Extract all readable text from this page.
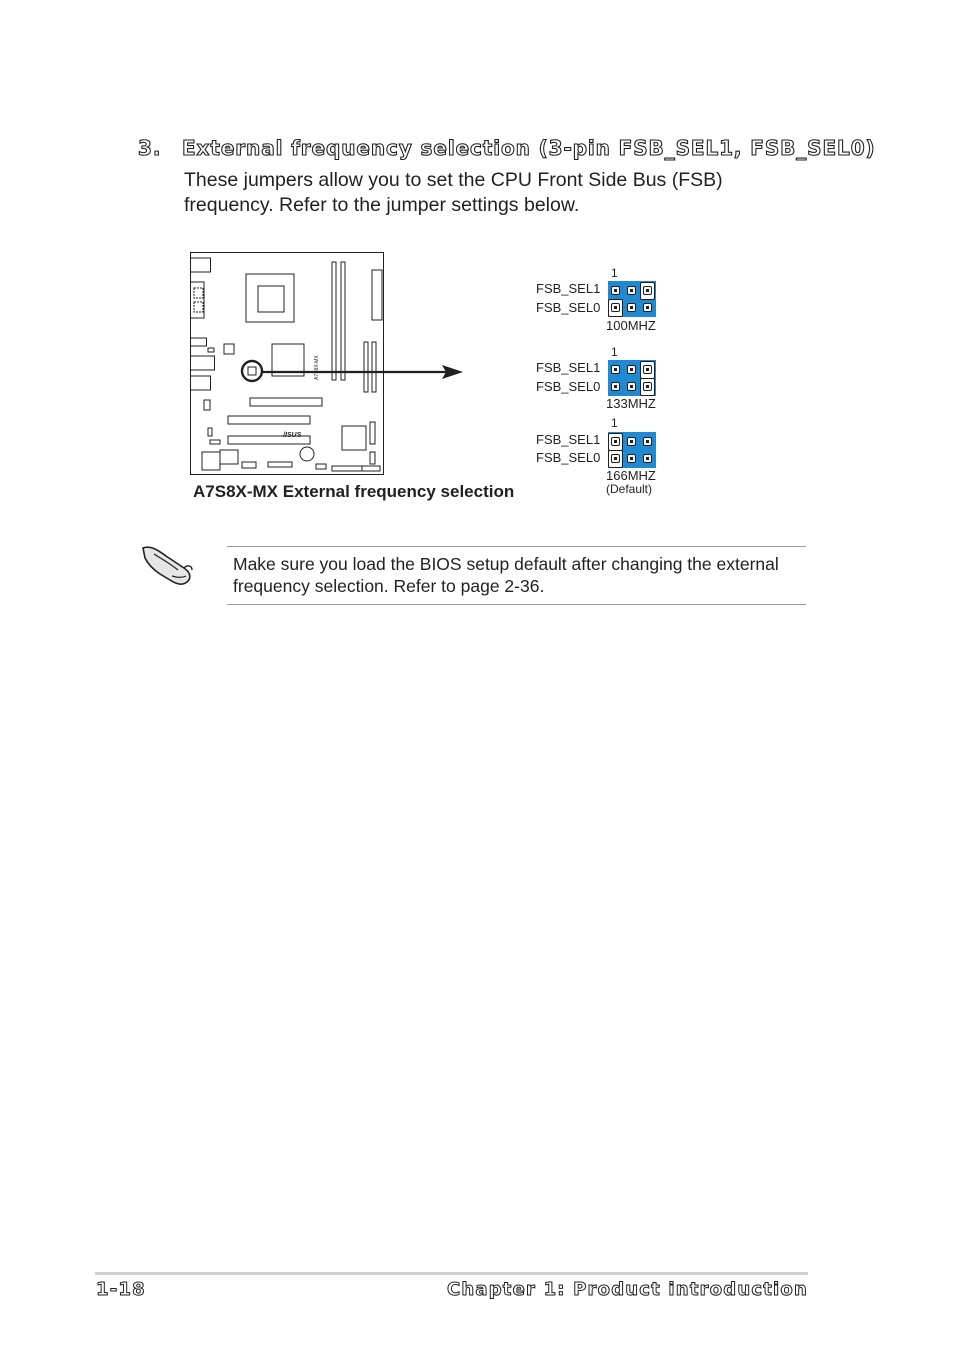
3. External frequency selection (3-pin FSB_SEL1, FSB_SEL0)
These jumpers allow you to set the CPU Front Side Bus (FSB) frequency. Refer to the jumper settings below.
/ISUS
A7S8X-MX
1
FSB_SEL1
FSB_SEL0
100MHZ
1
FSB_SEL1
FSB_SEL0
133MHZ
1
FSB_SEL1
FSB_SEL0
166MHZ
(Default)
A7S8X-MX External frequency selection
Make sure you load the BIOS setup default after changing the external frequency selection. Refer to page 2-36.
1-18	Chapter 1: Product introduction
